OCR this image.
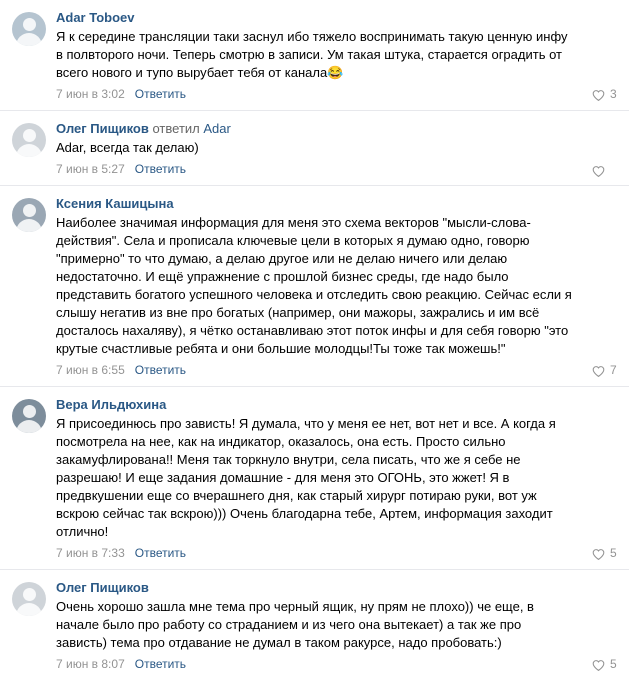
Adar Toboev
Я к середине трансляции таки заснул ибо тяжело воспринимать такую ценную инфу в полвторого ночи. Теперь смотрю в записи. Ум такая штука, старается оградить от всего нового и тупо вырубает тебя от канала😂
7 июн в 3:02 Ответить	3
Олег Пищиков ответил Adar
Adar, всегда так делаю)
7 июн в 5:27 Ответить
Ксения Кашицына
Наиболее значимая информация для меня это схема векторов "мысли-слова-действия". Села и прописала ключевые цели в которых я думаю одно, говорю "примерно" то что думаю, а делаю другое или не делаю ничего или делаю недостаточно. И ещё упражнение с прошлой бизнес среды, где надо было представить богатого успешного человека и отследить свою реакцию. Сейчас если я слышу негатив из вне про богатых (например, они мажоры, зажрались и им всё досталось нахаляву), я чётко останавливаю этот поток инфы и для себя говорю "это крутые счастливые ребята и они большие молодцы!Ты тоже так можешь!"
7 июн в 6:55 Ответить	7
Вера Ильдюхина
Я присоединюсь про зависть! Я думала, что у меня ее нет, вот нет и все. А когда я посмотрела на нее, как на индикатор, оказалось, она есть. Просто сильно закамуфлирована!! Меня так торкнуло внутри, села писать, что же я себе не разрешаю! И еще задания домашние - для меня это ОГОНЬ, это жжет! Я в предвкушении еще со вчерашнего дня, как старый хирург потираю руки, вот уж вскрою сейчас так вскрою))) Очень благодарна тебе, Артем, информация заходит отлично!
7 июн в 7:33 Ответить	5
Олег Пищиков
Очень хорошо зашла мне тема про черный ящик, ну прям не плохо)) че еще, в начале было про работу со страданием и из чего она вытекает) а так же про зависть) тема про отдавание не думал в таком ракурсе, надо пробовать:)
7 июн в 8:07 Ответить	5
